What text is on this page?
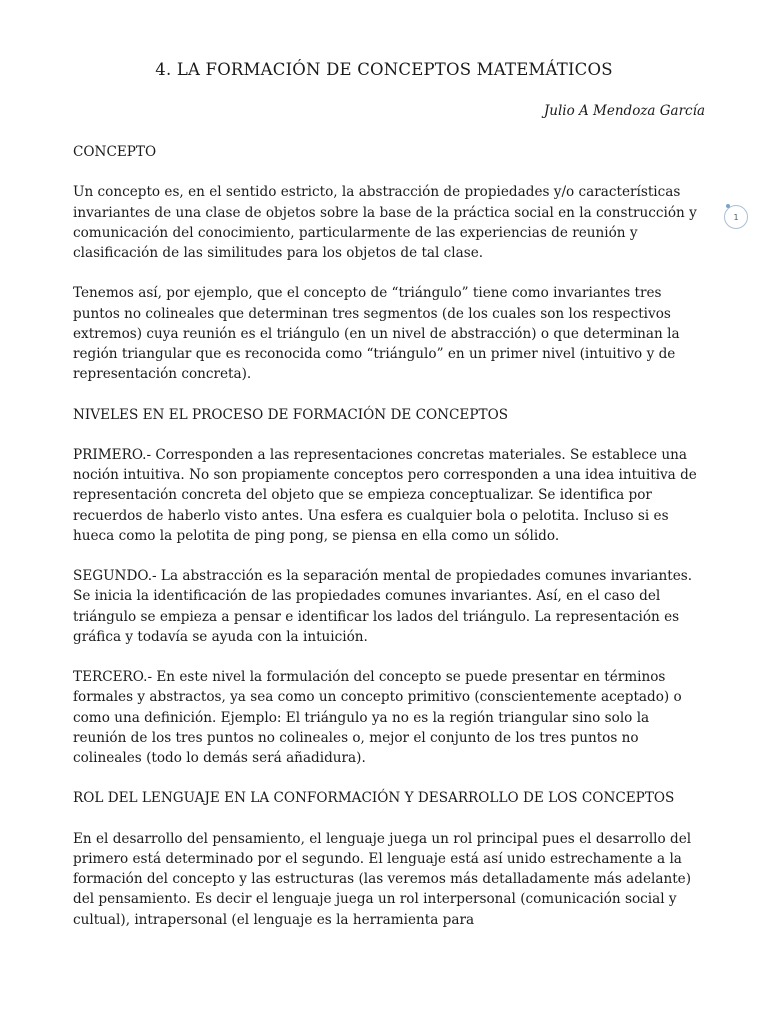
4. LA FORMACIÓN DE CONCEPTOS MATEMÁTICOS
Julio A Mendoza García
1
CONCEPTO

Un concepto es, en el sentido estricto, la abstracción de propiedades y/o características invariantes de una clase de objetos sobre la base de la práctica social en la construcción y comunicación del conocimiento, particularmente de las experiencias de reunión y clasificación de las similitudes para los objetos de tal clase.

Tenemos así, por ejemplo, que el concepto de “triángulo” tiene como invariantes tres puntos no colineales que determinan tres segmentos (de los cuales son los respectivos extremos) cuya reunión es el triángulo (en un nivel de abstracción) o que determinan la región triangular que es reconocida como “triángulo” en un primer nivel (intuitivo y de representación concreta).

NIVELES EN EL PROCESO DE FORMACIÓN DE CONCEPTOS

PRIMERO.- Corresponden a las representaciones concretas materiales. Se establece una noción intuitiva. No son propiamente conceptos pero corresponden a una idea intuitiva de representación concreta del objeto que se empieza conceptualizar. Se identifica por recuerdos de haberlo visto antes. Una esfera es cualquier bola o pelotita. Incluso si es hueca como la pelotita de ping pong, se piensa en ella como un sólido.

SEGUNDO.- La abstracción es la separación mental de propiedades comunes invariantes. Se inicia la identificación de las propiedades comunes invariantes. Así, en el caso del triángulo se empieza a pensar e identificar los lados del triángulo. La representación es gráfica y todavía se ayuda con la intuición.

TERCERO.- En este nivel la formulación del concepto se puede presentar en términos formales y abstractos, ya sea como un concepto primitivo (conscientemente aceptado) o como una definición. Ejemplo: El triángulo ya no es la región triangular sino solo la reunión de los tres puntos no colineales o, mejor el conjunto de los tres puntos no colineales (todo lo demás será añadidura).

ROL DEL LENGUAJE EN LA CONFORMACIÓN Y DESARROLLO DE LOS CONCEPTOS

En el desarrollo del pensamiento, el lenguaje juega un rol principal pues el desarrollo del primero está determinado por el segundo. El lenguaje está así unido estrechamente a la formación del concepto y las estructuras (las veremos más detalladamente más adelante) del pensamiento. Es decir el lenguaje juega un rol interpersonal (comunicación social y cultual), intrapersonal (el lenguaje es la herramienta para
